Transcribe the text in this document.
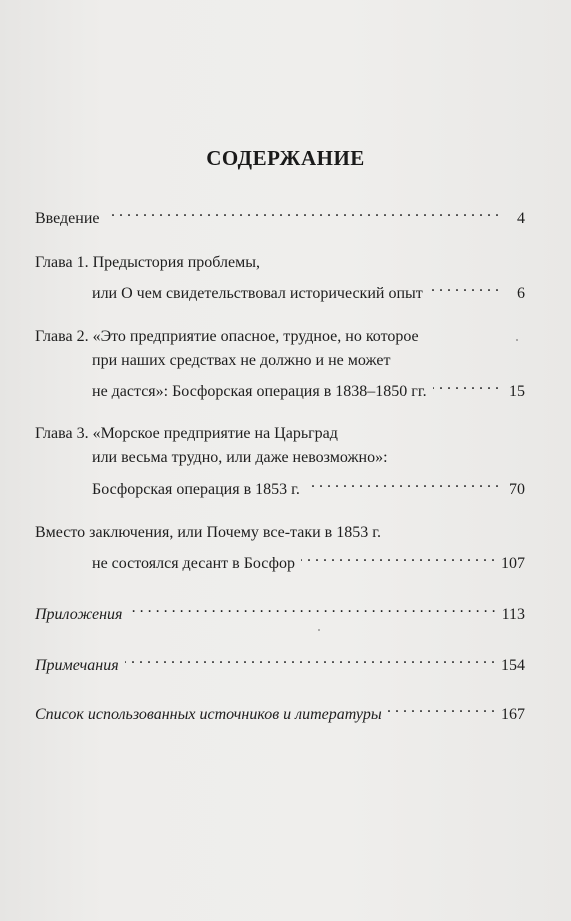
СОДЕРЖАНИЕ
Введение . . .	4
Глава 1. Предыстория проблемы,
или О чем свидетельствовал исторический опыт . . .	6
Глава 2. «Это предприятие опасное, трудное, но которое
при наших средствах не должно и не может
не дастся»: Босфорская операция в 1838–1850 гг. . . .	15
Глава 3. «Морское предприятие на Царьград
или весьма трудно, или даже невозможно»:
Босфорская операция в 1853 г. . . .	70
Вместо заключения, или Почему все-таки в 1853 г.
не состоялся десант в Босфор . . .	107
Приложения . . .	113
Примечания . . .	154
Список использованных источников и литературы . . .	167
